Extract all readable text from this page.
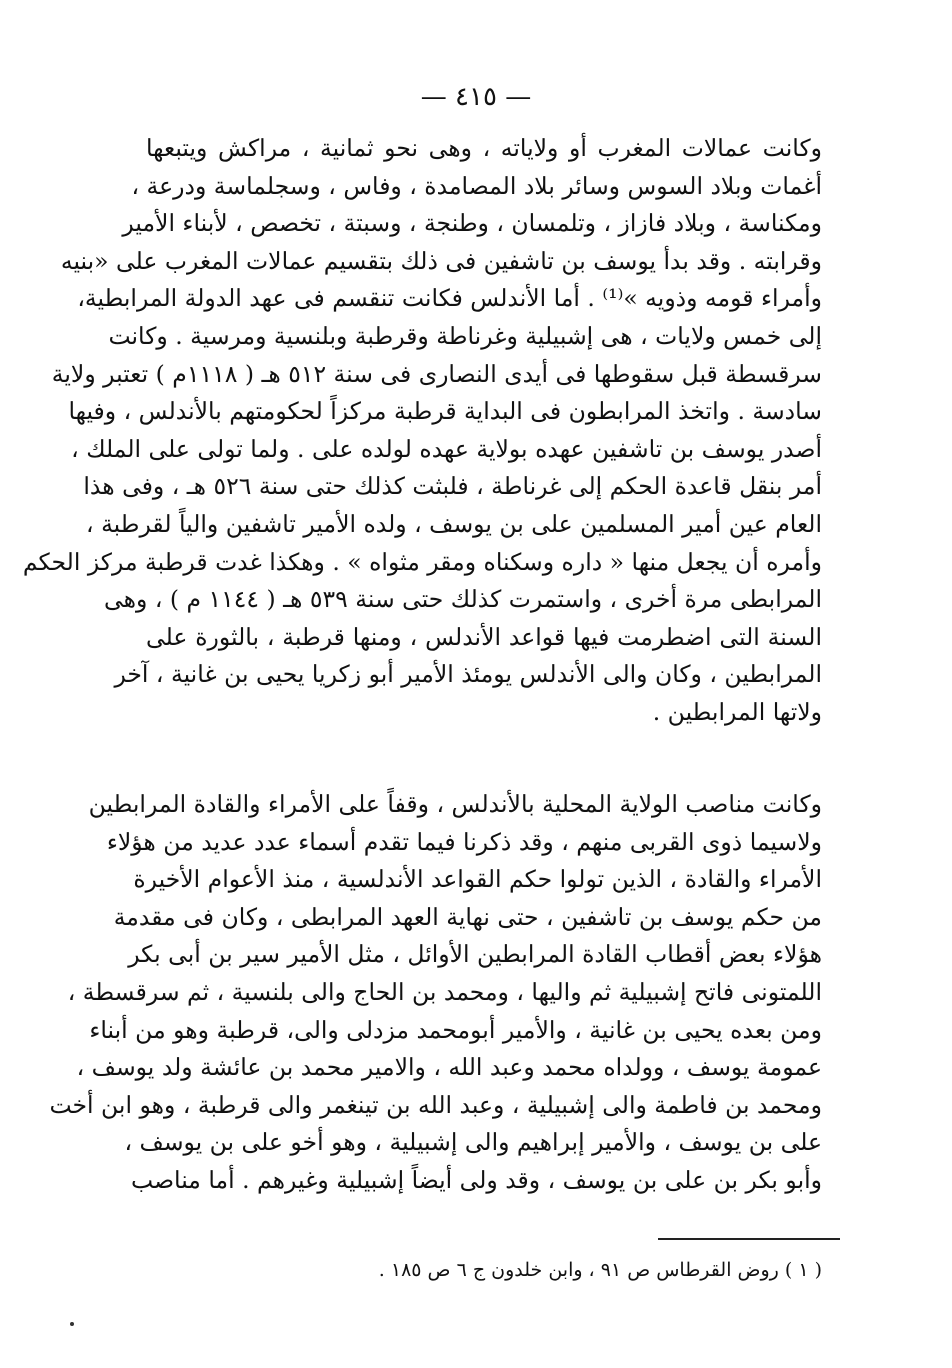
— ٤١٥ —
وكانت عمالات المغرب أو ولاياته ، وهى نحو ثمانية ، مراكش ويتبعها
أغمات وبلاد السوس وسائر بلاد المصامدة ، وفاس ، وسجلماسة ودرعة ،
ومكناسة ، وبلاد فازاز ، وتلمسان ، وطنجة ، وسبتة ، تخصص ، لأبناء الأمير
وقرابته . وقد بدأ يوسف بن تاشفين فى ذلك بتقسيم عمالات المغرب على «بنيه
وأمراء قومه وذويه »⁽¹⁾ . أما الأندلس فكانت تنقسم فى عهد الدولة المرابطية،
إلى خمس ولايات ، هى إشبيلية وغرناطة وقرطبة وبلنسية ومرسية . وكانت
سرقسطة قبل سقوطها فى أيدى النصارى فى سنة ٥١٢ هـ ( ١١١٨م ) تعتبر ولاية
سادسة . واتخذ المرابطون فى البداية قرطبة مركزاً لحكومتهم بالأندلس ، وفيها
أصدر يوسف بن تاشفين عهده بولاية عهده لولده على . ولما تولى على الملك ،
أمر بنقل قاعدة الحكم إلى غرناطة ، فلبثت كذلك حتى سنة ٥٢٦ هـ ، وفى هذا
العام عين أمير المسلمين على بن يوسف ، ولده الأمير تاشفين والياً لقرطبة ،
وأمره أن يجعل منها « داره وسكناه ومقر مثواه » . وهكذا غدت قرطبة مركز الحكم
المرابطى مرة أخرى ، واستمرت كذلك حتى سنة ٥٣٩ هـ ( ١١٤٤ م ) ، وهى
السنة التى اضطرمت فيها قواعد الأندلس ، ومنها قرطبة ، بالثورة على
المرابطين ، وكان والى الأندلس يومئذ الأمير أبو زكريا يحيى بن غانية ، آخر
ولاتها المرابطين .
وكانت مناصب الولاية المحلية بالأندلس ، وقفاً على الأمراء والقادة المرابطين
ولاسيما ذوى القربى منهم ، وقد ذكرنا فيما تقدم أسماء عدد عديد من هؤلاء
الأمراء والقادة ، الذين تولوا حكم القواعد الأندلسية ، منذ الأعوام الأخيرة
من حكم يوسف بن تاشفين ، حتى نهاية العهد المرابطى ، وكان فى مقدمة
هؤلاء بعض أقطاب القادة المرابطين الأوائل ، مثل الأمير سير بن أبى بكر
اللمتونى فاتح إشبيلية ثم واليها ، ومحمد بن الحاج والى بلنسية ، ثم سرقسطة ،
ومن بعده يحيى بن غانية ، والأمير أبومحمد مزدلى والى، قرطبة وهو من أبناء
عمومة يوسف ، وولداه محمد وعبد الله ، والامير محمد بن عائشة ولد يوسف ،
ومحمد بن فاطمة والى إشبيلية ، وعبد الله بن تينغمر والى قرطبة ، وهو ابن أخت
على بن يوسف ، والأمير إبراهيم والى إشبيلية ، وهو أخو على بن يوسف ،
وأبو بكر بن على بن يوسف ، وقد ولى أيضاً إشبيلية وغيرهم . أما مناصب
( ١ ) روض القرطاس ص ٩١ ، وابن خلدون ج ٦ ص ١٨٥ .
